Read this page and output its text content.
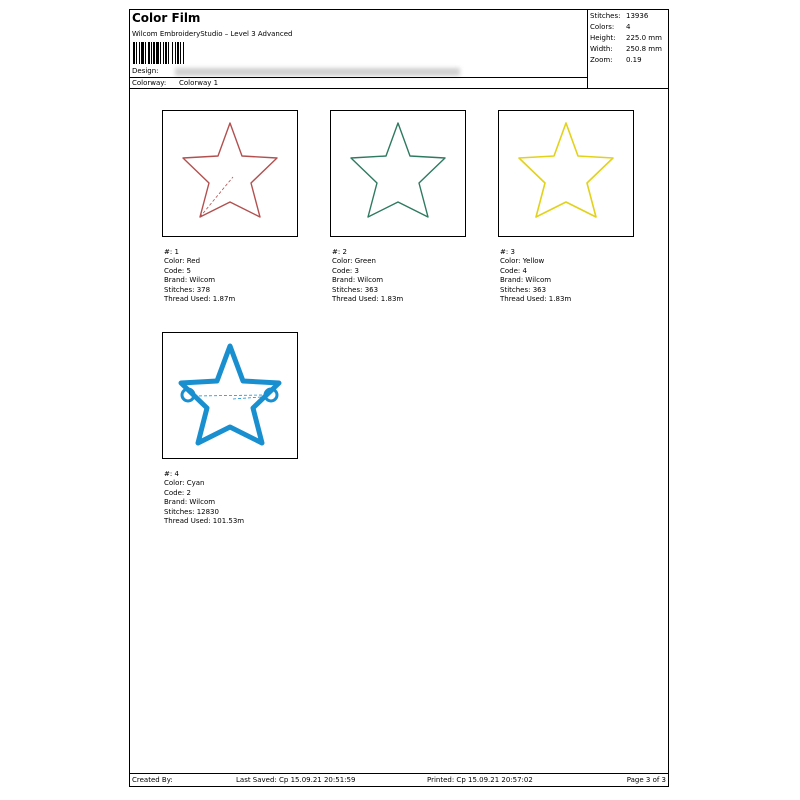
Color Film
Wilcom EmbroideryStudio – Level 3 Advanced
Design:
Colorway: Colorway 1
Stitches: 13936
Colors: 4
Height: 225.0 mm
Width: 250.8 mm
Zoom: 0.19
#: 1
Color: Red
Code: 5
Brand: Wilcom
Stitches: 378
Thread Used: 1.87m
#: 2
Color: Green
Code: 3
Brand: Wilcom
Stitches: 363
Thread Used: 1.83m
#: 3
Color: Yellow
Code: 4
Brand: Wilcom
Stitches: 363
Thread Used: 1.83m
#: 4
Color: Cyan
Code: 2
Brand: Wilcom
Stitches: 12830
Thread Used: 101.53m
Created By:	Last Saved: Cp 15.09.21 20:51:59	Printed: Cp 15.09.21 20:57:02	Page 3 of 3
